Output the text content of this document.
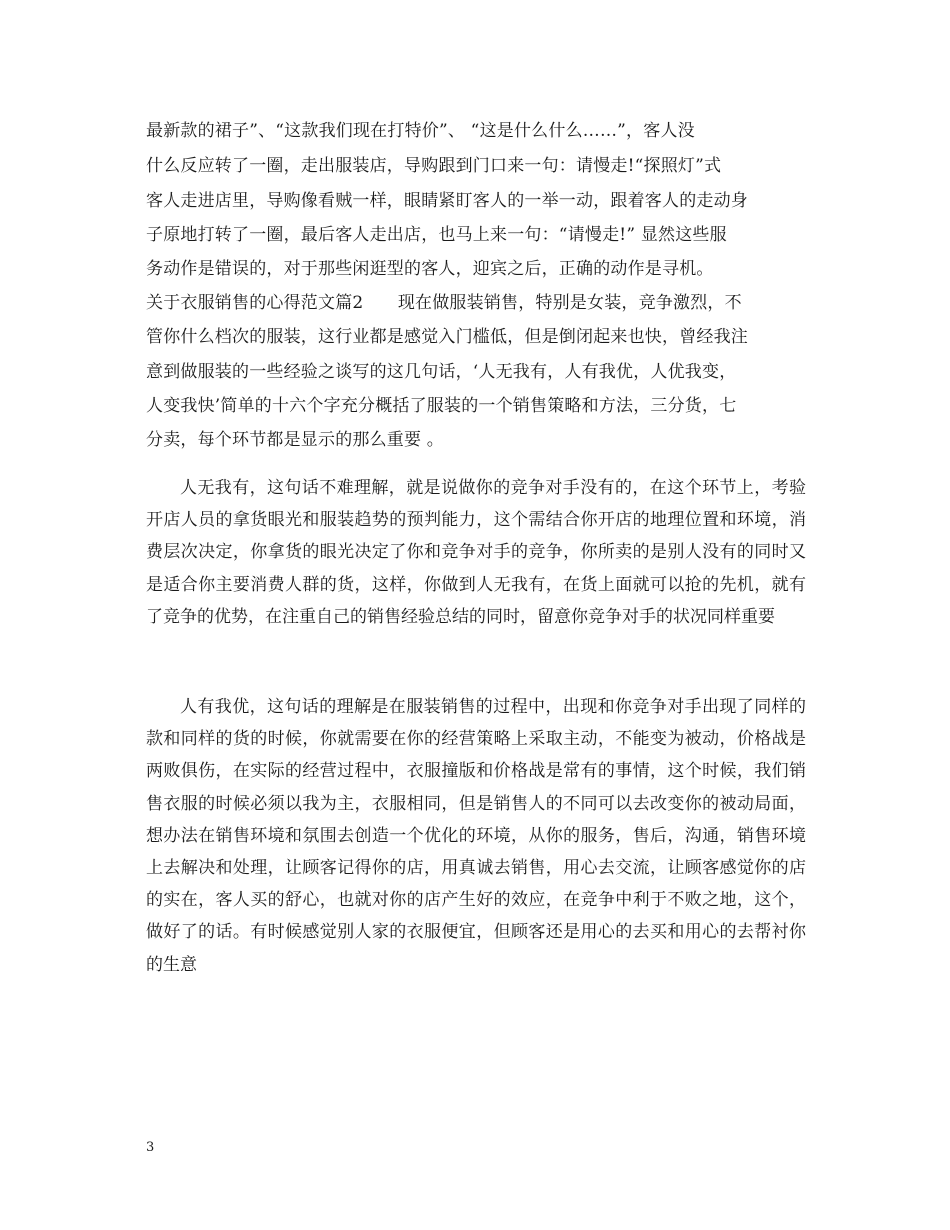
最新款的裙子”、“这款我们现在打特价”、 “这是什么什么……”，客人没
什么反应转了一圈，走出服装店，导购跟到门口来一句：请慢走!“探照灯”式
客人走进店里，导购像看贼一样，眼睛紧盯客人的一举一动，跟着客人的走动身
子原地打转了一圈，最后客人走出店，也马上来一句：“请慢走!” 显然这些服
务动作是错误的，对于那些闲逛型的客人，迎宾之后，正确的动作是寻机。
关于衣服销售的心得范文篇2　　现在做服装销售，特别是女装，竞争激烈，不
管你什么档次的服装，这行业都是感觉入门槛低，但是倒闭起来也快，曾经我注
意到做服装的一些经验之谈写的这几句话，‘人无我有，人有我优，人优我变，
人变我快’简单的十六个字充分概括了服装的一个销售策略和方法，三分货，七
分卖，每个环节都是显示的那么重要 。
人无我有，这句话不难理解，就是说做你的竞争对手没有的，在这个环节上，考验开店人员的拿货眼光和服装趋势的预判能力，这个需结合你开店的地理位置和环境，消费层次决定，你拿货的眼光决定了你和竞争对手的竞争，你所卖的是别人没有的同时又是适合你主要消费人群的货，这样，你做到人无我有，在货上面就可以抢的先机，就有了竞争的优势，在注重自己的销售经验总结的同时，留意你竞争对手的状况同样重要
人有我优，这句话的理解是在服装销售的过程中，出现和你竞争对手出现了同样的款和同样的货的时候，你就需要在你的经营策略上采取主动，不能变为被动，价格战是两败俱伤，在实际的经营过程中，衣服撞版和价格战是常有的事情，这个时候，我们销售衣服的时候必须以我为主，衣服相同，但是销售人的不同可以去改变你的被动局面，想办法在销售环境和氛围去创造一个优化的环境，从你的服务，售后，沟通，销售环境上去解决和处理，让顾客记得你的店，用真诚去销售，用心去交流，让顾客感觉你的店的实在，客人买的舒心，也就对你的店产生好的效应，在竞争中利于不败之地，这个，做好了的话。有时候感觉别人家的衣服便宜，但顾客还是用心的去买和用心的去帮衬你的生意
3
